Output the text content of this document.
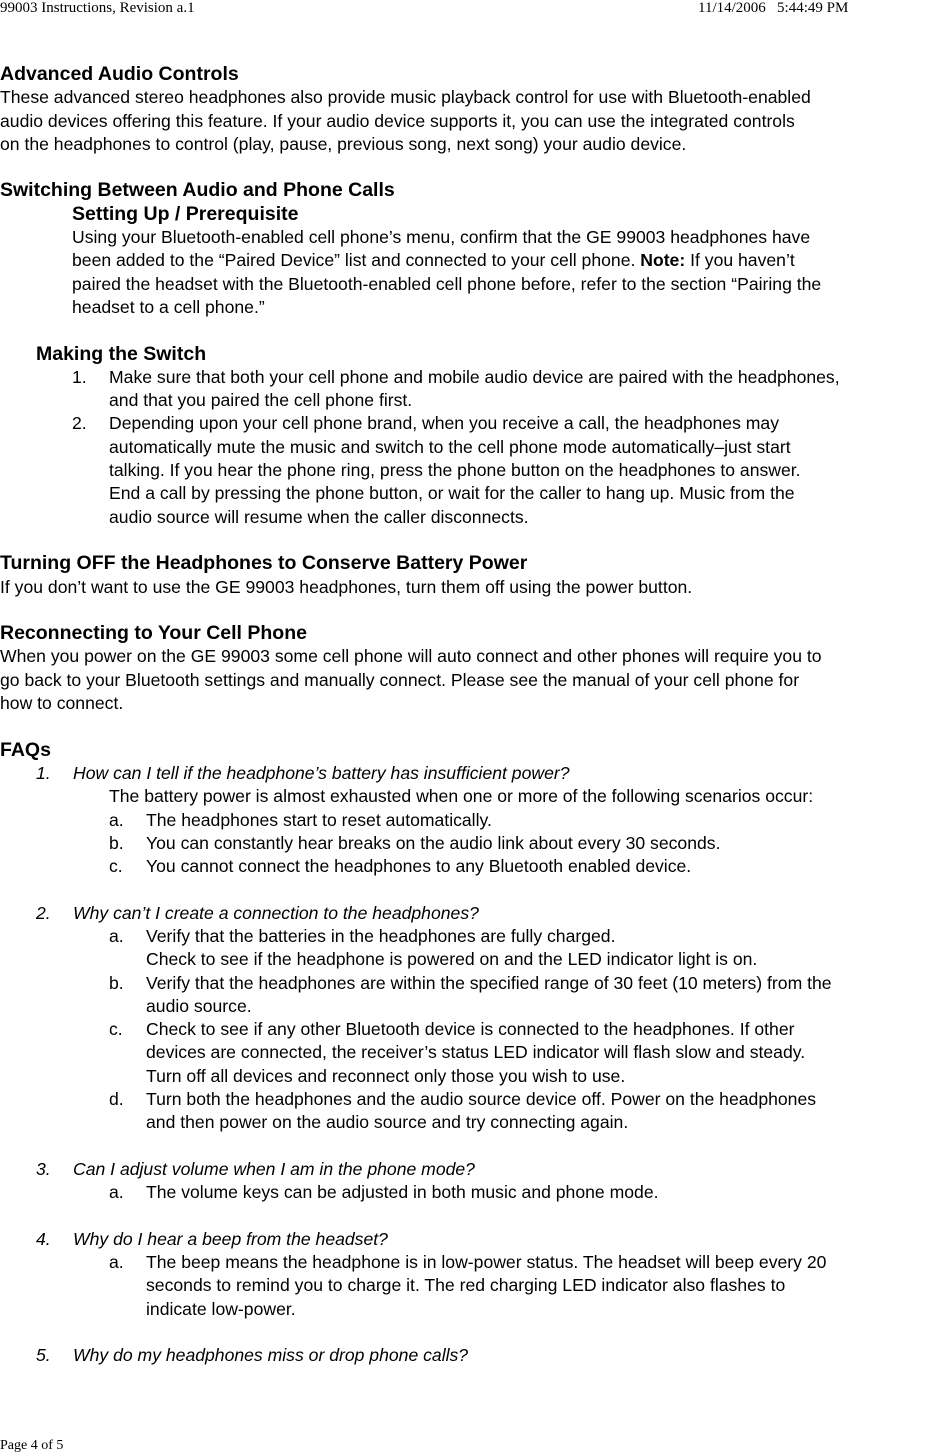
99003 Instructions, Revision a.1	11/14/2006   5:44:49 PM

Advanced Audio Controls

These advanced stereo headphones also provide music playback control for use with Bluetooth-enabled

audio devices offering this feature. If your audio device supports it, you can use the integrated controls

on the headphones to control (play, pause, previous song, next song) your audio device.

Switching Between Audio and Phone Calls

Setting Up / Prerequisite

Using your Bluetooth-enabled cell phone’s menu, confirm that the GE 99003 headphones have

been added to the “Paired Device” list and connected to your cell phone. Note: If you haven’t

paired the headset with the Bluetooth-enabled cell phone before, refer to the section “Pairing the

headset to a cell phone.”

Making the Switch

1.	Make sure that both your cell phone and mobile audio device are paired with the headphones,
and that you paired the cell phone first.
2.	Depending upon your cell phone brand, when you receive a call, the headphones may
automatically mute the music and switch to the cell phone mode automatically–just start
talking. If you hear the phone ring, press the phone button on the headphones to answer.
End a call by pressing the phone button, or wait for the caller to hang up. Music from the
audio source will resume when the caller disconnects.

Turning OFF the Headphones to Conserve Battery Power

If you don’t want to use the GE 99003 headphones, turn them off using the power button.

Reconnecting to Your Cell Phone

When you power on the GE 99003 some cell phone will auto connect and other phones will require you to

go back to your Bluetooth settings and manually connect. Please see the manual of your cell phone for

how to connect.

FAQs

1.	How can I tell if the headphone’s battery has insufficient power?

The battery power is almost exhausted when one or more of the following scenarios occur:

a.	The headphones start to reset automatically.
b.	You can constantly hear breaks on the audio link about every 30 seconds.
c.	You cannot connect the headphones to any Bluetooth enabled device.
2.	Why can’t I create a connection to the headphones?
a.	Verify that the batteries in the headphones are fully charged.
Check to see if the headphone is powered on and the LED indicator light is on.
b.	Verify that the headphones are within the specified range of 30 feet (10 meters) from the
audio source.
c.	Check to see if any other Bluetooth device is connected to the headphones. If other
devices are connected, the receiver’s status LED indicator will flash slow and steady.
Turn off all devices and reconnect only those you wish to use.
d.	Turn both the headphones and the audio source device off. Power on the headphones
and then power on the audio source and try connecting again.
3.	Can I adjust volume when I am in the phone mode?
a.	The volume keys can be adjusted in both music and phone mode.
4.	Why do I hear a beep from the headset?
a.	The beep means the headphone is in low-power status. The headset will beep every 20
seconds to remind you to charge it. The red charging LED indicator also flashes to
indicate low-power.
5.	Why do my headphones miss or drop phone calls?
Page 4 of 5
